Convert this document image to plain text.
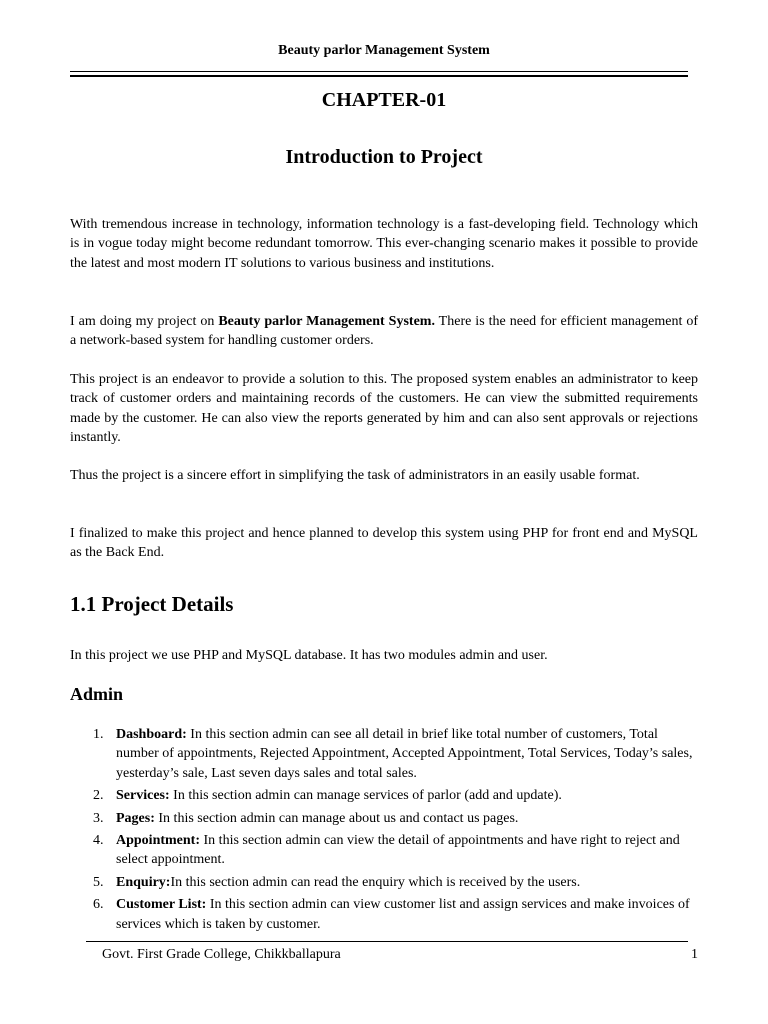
Beauty parlor Management System
CHAPTER-01
Introduction to Project

With tremendous increase in technology, information technology is a fast-developing field. Technology which is in vogue today might become redundant tomorrow. This ever-changing scenario makes it possible to provide the latest and most modern IT solutions to various business and institutions.

I am doing my project on Beauty parlor Management System. There is the need for efficient management of a network-based system for handling customer orders.

This project is an endeavor to provide a solution to this. The proposed system enables an administrator to keep track of customer orders and maintaining records of the customers. He can view the submitted requirements made by the customer. He can also view the reports generated by him and can also sent approvals or rejections instantly.

Thus the project is a sincere effort in simplifying the task of administrators in an easily usable format.

I finalized to make this project and hence planned to develop this system using PHP for front end and MySQL as the Back End.

1.1 Project Details

In this project we use PHP and MySQL database. It has two modules admin and user.

Admin
1. Dashboard: In this section admin can see all detail in brief like total number of customers, Total number of appointments, Rejected Appointment, Accepted Appointment, Total Services, Today’s sales, yesterday’s sale, Last seven days sales and total sales.
2. Services: In this section admin can manage services of parlor (add and update).
3. Pages: In this section admin can manage about us and contact us pages.
4. Appointment: In this section admin can view the detail of appointments and have right to reject and select appointment.
5. Enquiry:In this section admin can read the enquiry which is received by the users.
6. Customer List: In this section admin can view customer list and assign services and make invoices of services which is taken by customer.
Govt. First Grade College, Chikkballapura	1
